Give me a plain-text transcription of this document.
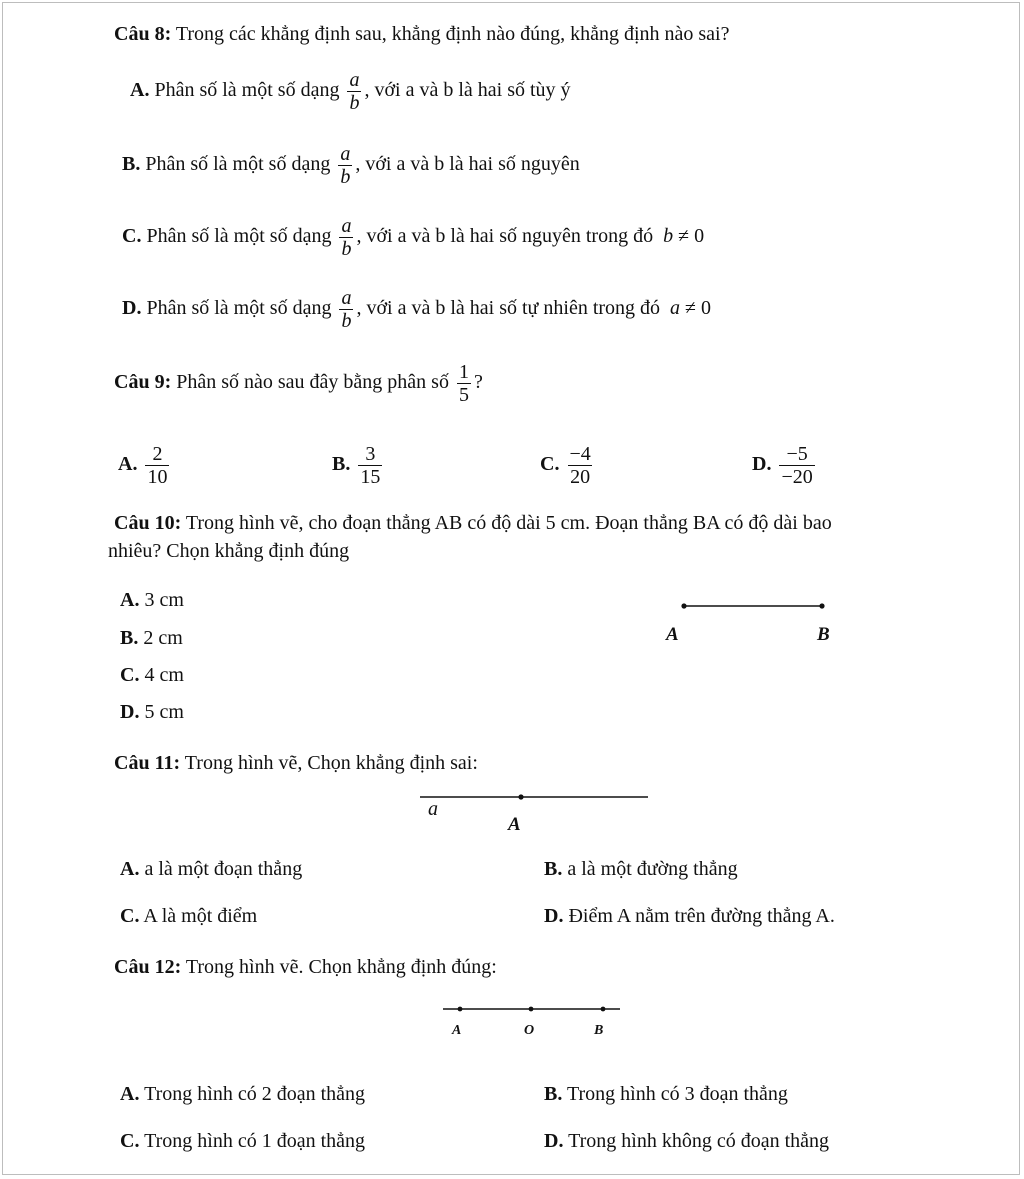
Câu 8: Trong các khẳng định sau, khẳng định nào đúng, khẳng định nào sai?
A. Phân số là một số dạng $\frac{a}{b}$ , với a và b là hai số tùy ý
B. Phân số là một số dạng $\frac{a}{b}$ , với a và b là hai số nguyên
C. Phân số là một số dạng $\frac{a}{b}$ , với a và b là hai số nguyên trong đó b ≠ 0
D. Phân số là một số dạng $\frac{a}{b}$ , với a và b là hai số tự nhiên trong đó a ≠ 0
Câu 9: Phân số nào sau đây bằng phân số $\frac{1}{5}$ ?
A. $\frac{2}{10}$	B. $\frac{3}{15}$	C. $\frac{-4}{20}$	D. $\frac{-5}{-20}$
Câu 10: Trong hình vẽ, cho đoạn thẳng AB có độ dài 5 cm. Đoạn thẳng BA có độ dài bao
nhiêu? Chọn khẳng định đúng
A. 3 cm
B. 2 cm
C. 4 cm
D. 5 cm
A	B
a
A
A	O	B
Câu 11: Trong hình vẽ, Chọn khẳng định sai:
A. a là một đoạn thẳng	B. a là một đường thẳng
C. A là một điểm	D. Điểm A nằm trên đường thẳng A.
Câu 12: Trong hình vẽ. Chọn khẳng định đúng:
A. Trong hình có 2 đoạn thẳng	B. Trong hình có 3 đoạn thẳng
C. Trong hình có 1 đoạn thẳng	D. Trong hình không có đoạn thẳng
